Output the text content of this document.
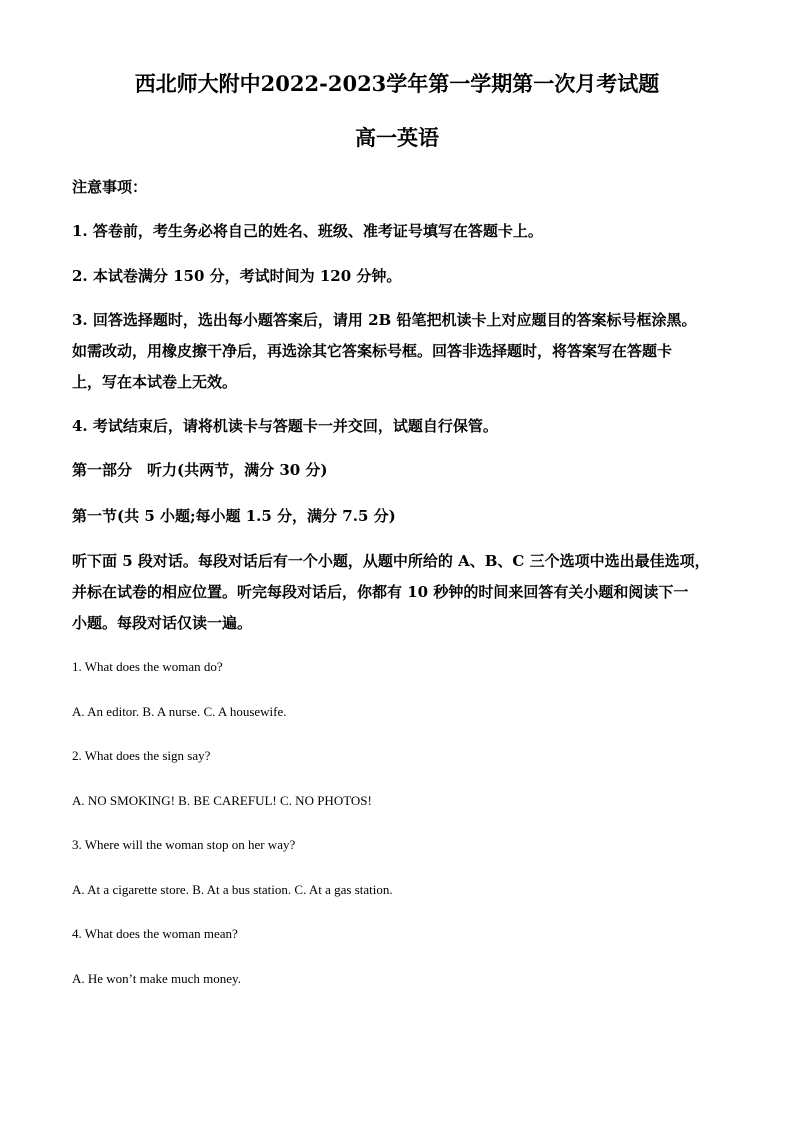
西北师大附中2022-2023学年第一学期第一次月考试题
高一英语
注意事项：
1. 答卷前，考生务必将自己的姓名、班级、准考证号填写在答题卡上。
2. 本试卷满分 150 分，考试时间为 120 分钟。
3. 回答选择题时，选出每小题答案后，请用 2B 铅笔把机读卡上对应题目的答案标号框涂黑。
如需改动，用橡皮擦干净后，再选涂其它答案标号框。回答非选择题时，将答案写在答题卡
上，写在本试卷上无效。
4. 考试结束后，请将机读卡与答题卡一并交回，试题自行保管。
第一部分　听力(共两节，满分 30 分)
第一节(共 5 小题;每小题 1.5 分，满分 7.5 分)
听下面 5 段对话。每段对话后有一个小题，从题中所给的 A、B、C 三个选项中选出最佳选项，
并标在试卷的相应位置。听完每段对话后，你都有 10 秒钟的时间来回答有关小题和阅读下一
小题。每段对话仅读一遍。
1. What does the woman do?
A. An editor. B. A nurse. C. A housewife.
2. What does the sign say?
A. NO SMOKING! B. BE CAREFUL! C. NO PHOTOS!
3. Where will the woman stop on her way?
A. At a cigarette store. B. At a bus station. C. At a gas station.
4. What does the woman mean?
A. He won’t make much money.
